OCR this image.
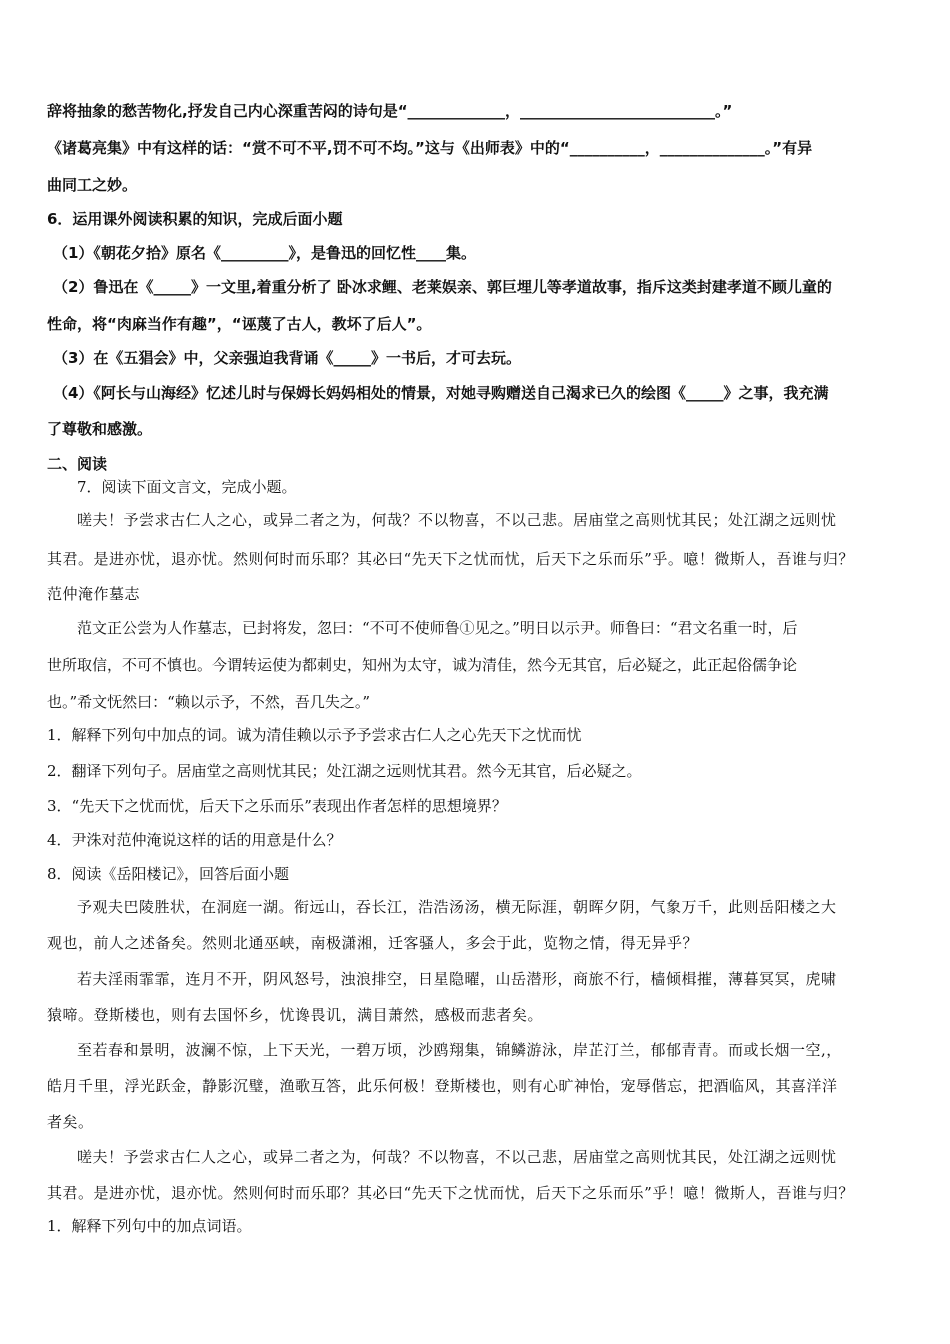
辞将抽象的愁苦物化,抒发自己内心深重苦闷的诗句是“_____________，__________________________。”
《诸葛亮集》中有这样的话：“赏不可不平,罚不可不均。”这与《出师表》中的“__________，______________。”有异
曲同工之妙。
6．运用课外阅读积累的知识，完成后面小题
（1）《朝花夕拾》原名《_________》，是鲁迅的回忆性____集。
（2）鲁迅在《_____》一文里,着重分析了 卧冰求鲤、老莱娱亲、郭巨埋儿等孝道故事，指斥这类封建孝道不顾儿童的
性命，将“肉麻当作有趣”，“诬蔑了古人，教坏了后人”。
（3）在《五猖会》中，父亲强迫我背诵《_____》一书后，才可去玩。
（4）《阿长与山海经》忆述儿时与保姆长妈妈相处的情景，对她寻购赠送自己渴求已久的绘图《_____》之事，我充满
了尊敬和感激。
二、阅读
7．阅读下面文言文，完成小题。
嗟夫！予尝求古仁人之心，或异二者之为，何哉？不以物喜，不以己悲。居庙堂之高则忧其民；处江湖之远则忧
其君。是进亦忧，退亦忧。然则何时而乐耶？其必曰“先天下之忧而忧，后天下之乐而乐”乎。噫！微斯人，吾谁与归？
范仲淹作墓志
范文正公尝为人作墓志，已封将发，忽曰：“不可不使师鲁①见之。”明日以示尹。师鲁曰：“君文名重一时，后
世所取信，不可不慎也。今谓转运使为都刺史，知州为太守，诚为清佳，然今无其官，后必疑之，此正起俗儒争论
也。”希文怃然曰：“赖以示予，不然，吾几失之。”
1．解释下列句中加点的词。诚为清佳赖以示予予尝求古仁人之心先天下之忧而忧
2．翻译下列句子。居庙堂之高则忧其民；处江湖之远则忧其君。然今无其官，后必疑之。
3．“先天下之忧而忧，后天下之乐而乐”表现出作者怎样的思想境界？
4．尹洙对范仲淹说这样的话的用意是什么？
8．阅读《岳阳楼记》，回答后面小题
予观夫巴陵胜状，在洞庭一湖。衔远山，吞长江，浩浩汤汤，横无际涯，朝晖夕阴，气象万千，此则岳阳楼之大
观也，前人之述备矣。然则北通巫峡，南极潇湘，迁客骚人，多会于此，览物之情，得无异乎？
若夫淫雨霏霏，连月不开，阴风怒号，浊浪排空，日星隐曜，山岳潜形，商旅不行，樯倾楫摧，薄暮冥冥，虎啸
猿啼。登斯楼也，则有去国怀乡，忧谗畏讥，满目萧然，感极而悲者矣。
至若春和景明，波澜不惊，上下天光，一碧万顷，沙鸥翔集，锦鳞游泳，岸芷汀兰，郁郁青青。而或长烟一空,，
皓月千里，浮光跃金，静影沉璧，渔歌互答，此乐何极！登斯楼也，则有心旷神怡，宠辱偕忘，把酒临风，其喜洋洋
者矣。
嗟夫！予尝求古仁人之心，或异二者之为，何哉？不以物喜，不以己悲，居庙堂之高则忧其民，处江湖之远则忧
其君。是进亦忧，退亦忧。然则何时而乐耶？其必曰“先天下之忧而忧，后天下之乐而乐”乎！噫！微斯人，吾谁与归？
1．解释下列句中的加点词语。
